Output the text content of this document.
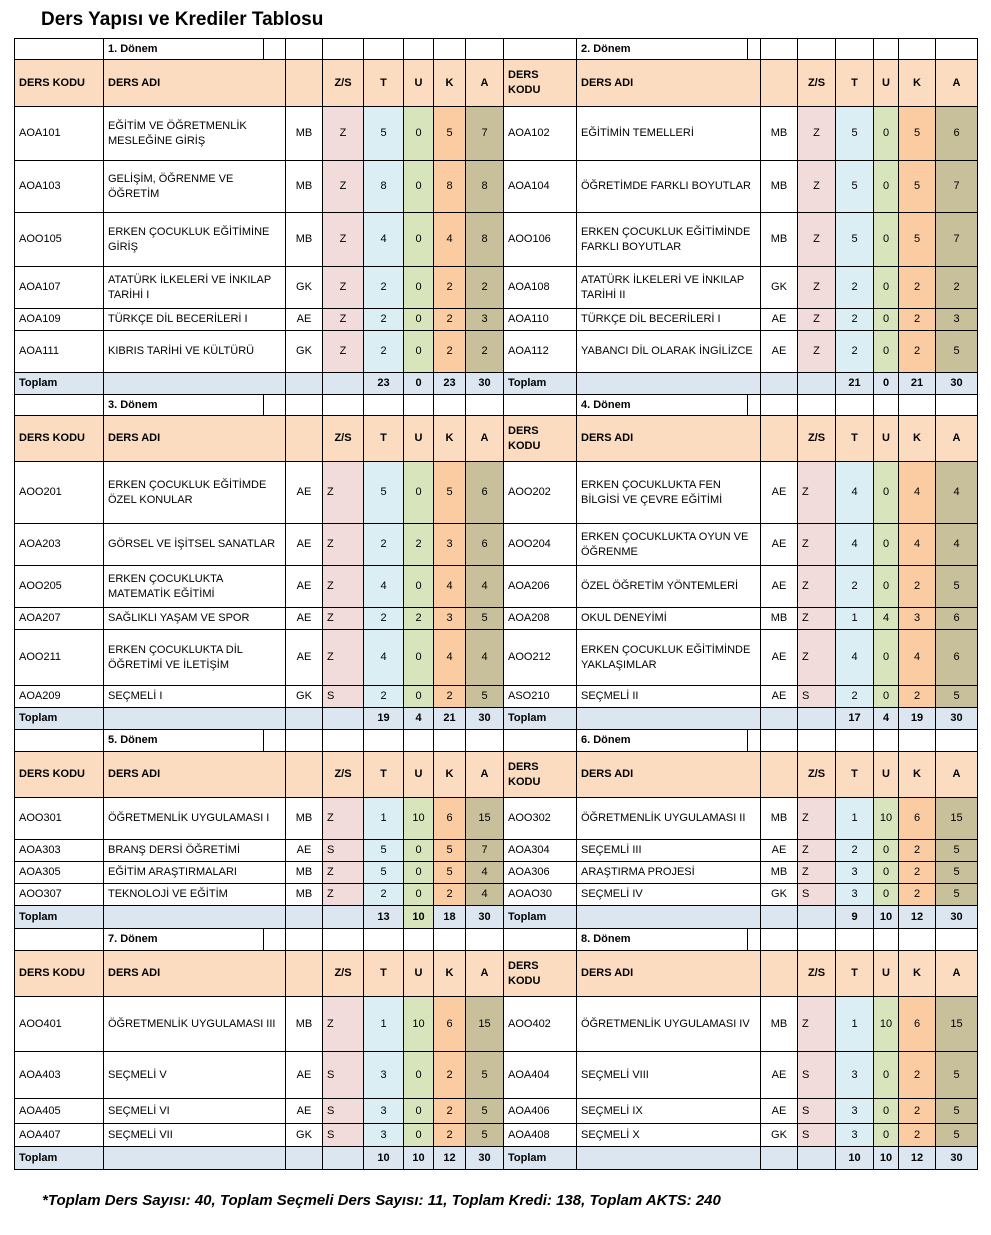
Ders Yapısı ve Krediler Tablosu
	1. Dönem									2. Dönem							
DERS KODU	DERS ADI			Z/S	T	U	K	A	DERS KODU	DERS ADI			Z/S	T	U	K	A
AOA101	EĞİTİM VE ÖĞRETMENLİK MESLEĞİNE GİRİŞ		MB	Z	5	0	5	7	AOA102	EĞİTİMİN TEMELLERİ		MB	Z	5	0	5	6
AOA103	GELİŞİM, ÖĞRENME VE ÖĞRETİM		MB	Z	8	0	8	8	AOA104	ÖĞRETİMDE FARKLI BOYUTLAR		MB	Z	5	0	5	7
AOO105	ERKEN ÇOCUKLUK EĞİTİMİNE GİRİŞ		MB	Z	4	0	4	8	AOO106	ERKEN ÇOCUKLUK EĞİTİMİNDE FARKLI BOYUTLAR		MB	Z	5	0	5	7
AOA107	ATATÜRK İLKELERİ VE İNKILAP TARİHİ I		GK	Z	2	0	2	2	AOA108	ATATÜRK İLKELERİ VE İNKILAP TARİHİ II		GK	Z	2	0	2	2
AOA109	TÜRKÇE DİL BECERİLERİ I		AE	Z	2	0	2	3	AOA110	TÜRKÇE DİL BECERİLERİ I		AE	Z	2	0	2	3
AOA111	KIBRIS TARİHİ VE KÜLTÜRÜ		GK	Z	2	0	2	2	AOA112	YABANCI DİL OLARAK İNGİLİZCE		AE	Z	2	0	2	5
Toplam					23	0	23	30	Toplam					21	0	21	30
	3. Dönem									4. Dönem							
DERS KODU	DERS ADI			Z/S	T	U	K	A	DERS KODU	DERS ADI			Z/S	T	U	K	A
AOO201	ERKEN ÇOCUKLUK EĞİTİMDE ÖZEL KONULAR		AE	Z	5	0	5	6	AOO202	ERKEN ÇOCUKLUKTA FEN BİLGİSİ VE ÇEVRE EĞİTİMİ		AE	Z	4	0	4	4
AOA203	GÖRSEL VE İŞİTSEL SANATLAR		AE	Z	2	2	3	6	AOO204	ERKEN ÇOCUKLUKTA OYUN VE ÖĞRENME		AE	Z	4	0	4	4
AOO205	ERKEN ÇOCUKLUKTA MATEMATİK EĞİTİMİ		AE	Z	4	0	4	4	AOA206	ÖZEL ÖĞRETİM YÖNTEMLERİ		AE	Z	2	0	2	5
AOA207	SAĞLIKLI YAŞAM VE SPOR		AE	Z	2	2	3	5	AOA208	OKUL DENEYİMİ		MB	Z	1	4	3	6
AOO211	ERKEN ÇOCUKLUKTA DİL ÖĞRETİMİ VE İLETİŞİM		AE	Z	4	0	4	4	AOO212	ERKEN ÇOCUKLUK EĞİTİMİNDE YAKLAŞIMLAR		AE	Z	4	0	4	6
AOA209	SEÇMELİ I		GK	S	2	0	2	5	ASO210	SEÇMELİ II		AE	S	2	0	2	5
Toplam					19	4	21	30	Toplam					17	4	19	30
	5. Dönem									6. Dönem							
DERS KODU	DERS ADI			Z/S	T	U	K	A	DERS KODU	DERS ADI			Z/S	T	U	K	A
AOO301	ÖĞRETMENLİK UYGULAMASI I		MB	Z	1	10	6	15	AOO302	ÖĞRETMENLİK UYGULAMASI II		MB	Z	1	10	6	15
AOA303	BRANŞ DERSİ ÖĞRETİMİ		AE	S	5	0	5	7	AOA304	SEÇEMLİ III		AE	Z	2	0	2	5
AOA305	EĞİTİM ARAŞTIRMALARI		MB	Z	5	0	5	4	AOA306	ARAŞTIRMA PROJESİ		MB	Z	3	0	2	5
AOO307	TEKNOLOJİ VE EĞİTİM		MB	Z	2	0	2	4	AOAO30	SEÇMELİ IV		GK	S	3	0	2	5
Toplam					13	10	18	30	Toplam					9	10	12	30
	7. Dönem									8. Dönem							
DERS KODU	DERS ADI			Z/S	T	U	K	A	DERS KODU	DERS ADI			Z/S	T	U	K	A
AOO401	ÖĞRETMENLİK UYGULAMASI III		MB	Z	1	10	6	15	AOO402	ÖĞRETMENLİK UYGULAMASI IV		MB	Z	1	10	6	15
AOA403	SEÇMELİ V		AE	S	3	0	2	5	AOA404	SEÇMELİ VIII		AE	S	3	0	2	5
AOA405	SEÇMELİ VI		AE	S	3	0	2	5	AOA406	SEÇMELİ IX		AE	S	3	0	2	5
AOA407	SEÇMELİ VII		GK	S	3	0	2	5	AOA408	SEÇMELİ X		GK	S	3	0	2	5
Toplam					10	10	12	30	Toplam					10	10	12	30
*Toplam Ders Sayısı: 40, Toplam Seçmeli Ders Sayısı: 11, Toplam Kredi: 138, Toplam AKTS: 240
